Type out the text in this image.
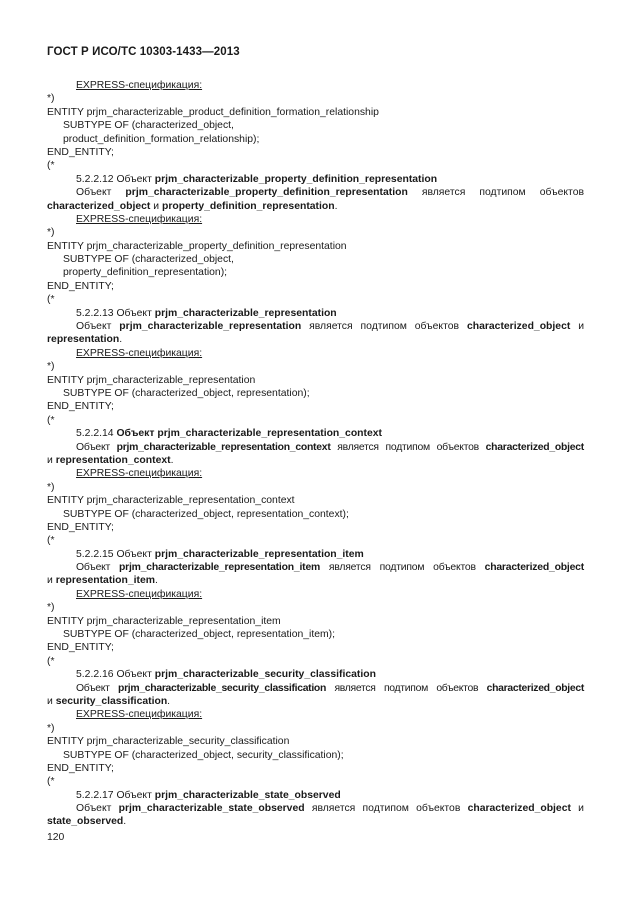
ГОСТ Р ИСО/ТС 10303-1433—2013
EXPRESS-спецификация:
*)
ENTITY prjm_characterizable_product_definition_formation_relationship
SUBTYPE OF (characterized_object,
product_definition_formation_relationship);
END_ENTITY;
(*
5.2.2.12 Объект prjm_characterizable_property_definition_representation
Объект prjm_characterizable_property_definition_representation является подтипом объектов
characterized_object и property_definition_representation.
EXPRESS-спецификация:
*)
ENTITY prjm_characterizable_property_definition_representation
SUBTYPE OF (characterized_object,
property_definition_representation);
END_ENTITY;
(*
5.2.2.13 Объект prjm_characterizable_representation
Объект prjm_characterizable_representation является подтипом объектов characterized_object и
representation.
EXPRESS-спецификация:
*)
ENTITY prjm_characterizable_representation
SUBTYPE OF (characterized_object, representation);
END_ENTITY;
(*
5.2.2.14 Объект prjm_characterizable_representation_context
Объект prjm_characterizable_representation_context является подтипом объектов characterized_object
и representation_context.
EXPRESS-спецификация:
*)
ENTITY prjm_characterizable_representation_context
SUBTYPE OF (characterized_object, representation_context);
END_ENTITY;
(*
5.2.2.15 Объект prjm_characterizable_representation_item
Объект prjm_characterizable_representation_item является подтипом объектов characterized_object
и representation_item.
EXPRESS-спецификация:
*)
ENTITY prjm_characterizable_representation_item
SUBTYPE OF (characterized_object, representation_item);
END_ENTITY;
(*
5.2.2.16 Объект prjm_characterizable_security_classification
Объект prjm_characterizable_security_classification является подтипом объектов characterized_object
и security_classification.
EXPRESS-спецификация:
*)
ENTITY prjm_characterizable_security_classification
SUBTYPE OF (characterized_object, security_classification);
END_ENTITY;
(*
5.2.2.17 Объект prjm_characterizable_state_observed
Объект prjm_characterizable_state_observed является подтипом объектов characterized_object и
state_observed.
120
